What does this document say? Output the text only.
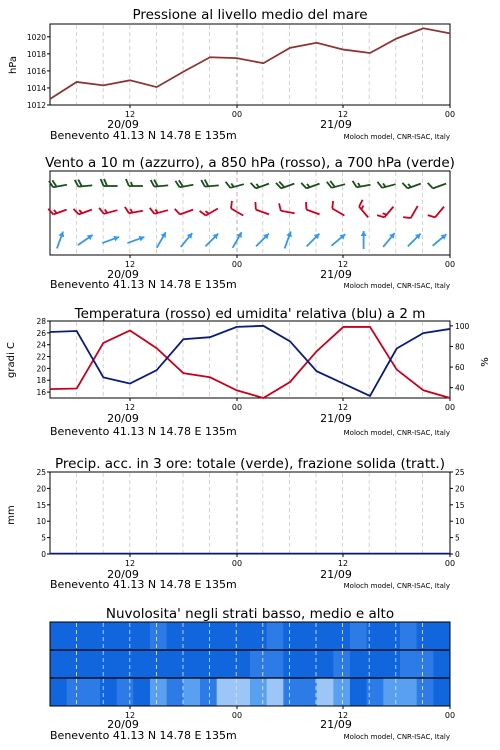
Pressione al livello medio del mare
1012
1014
1016
1018
1020
hPa
12	00	12	00
20/09	21/09
Benevento 41.13 N 14.78 E 135m	Moloch model, CNR-ISAC, Italy
Vento a 10 m (azzurro), a 850 hPa (rosso), a 700 hPa (verde)
12	00	12	00
20/09	21/09
Benevento 41.13 N 14.78 E 135m	Moloch model, CNR-ISAC, Italy
Temperatura (rosso) ed umidita' relativa (blu) a 2 m
16
18
20
22
24
26
28
40
60
80
100
gradi C	%
12	00	12	00
20/09	21/09
Benevento 41.13 N 14.78 E 135m	Moloch model, CNR-ISAC, Italy
Precip. acc. in 3 ore: totale (verde), frazione solida (tratt.)
0
5
10
15
20
25
0
5
10
15
20
25
mm
12	00	12	00
20/09	21/09
Benevento 41.13 N 14.78 E 135m	Moloch model, CNR-ISAC, Italy
Nuvolosita' negli strati basso, medio e alto
12	00	12	00
20/09	21/09
Benevento 41.13 N 14.78 E 135m	Moloch model, CNR-ISAC, Italy
